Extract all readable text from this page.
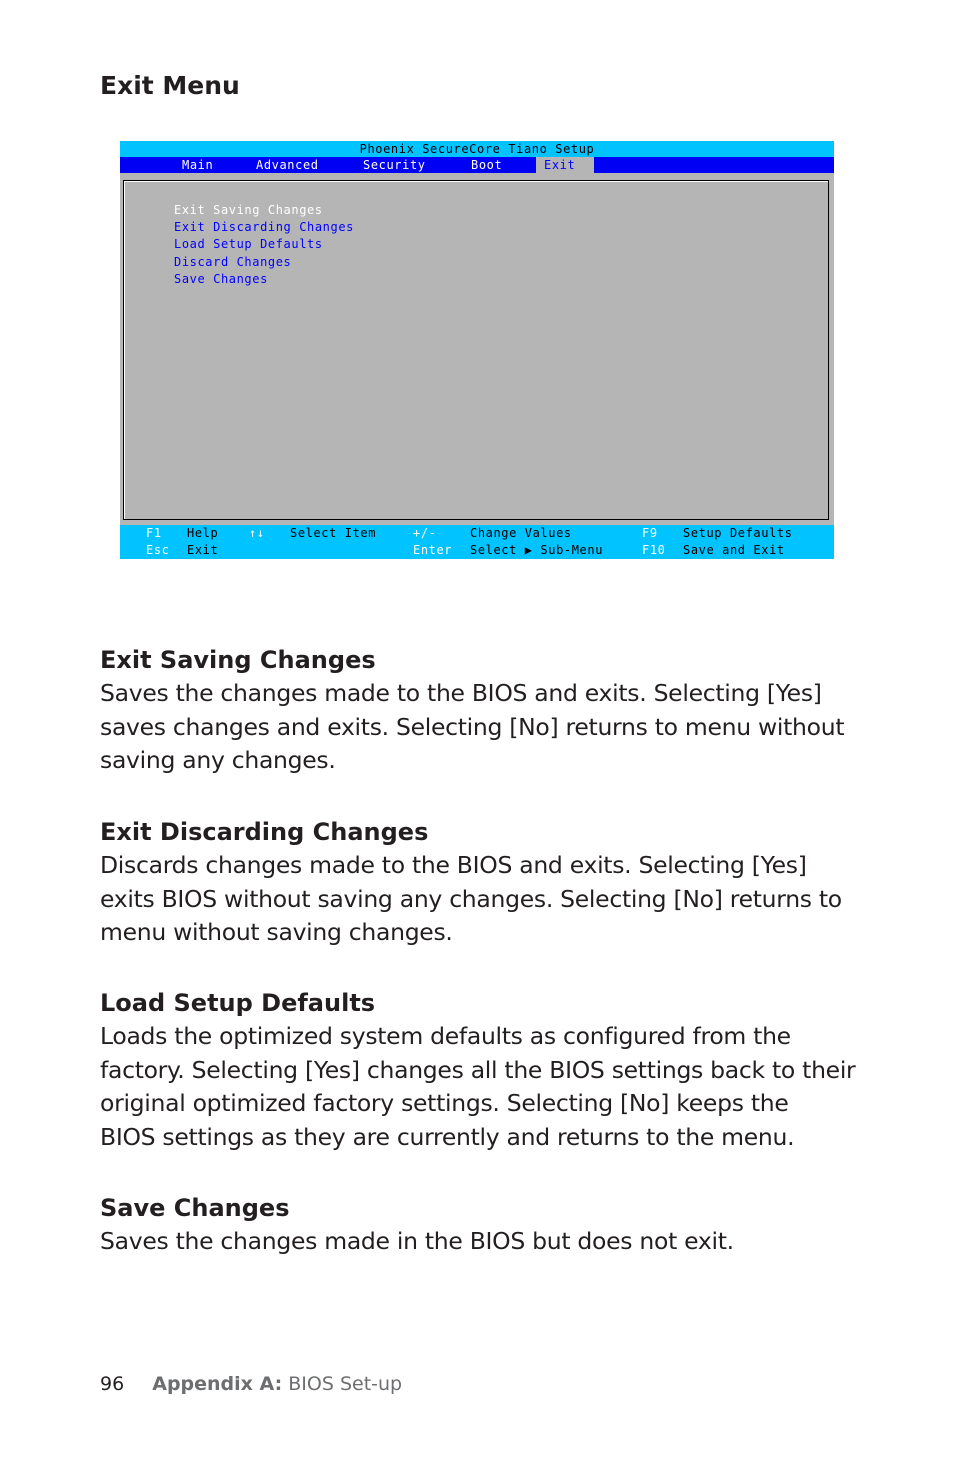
Exit Menu
Phoenix SecureCore Tiano Setup
Main	Advanced	Security	Boot	Exit
Exit Saving Changes
Exit Discarding Changes
Load Setup Defaults
Discard Changes
Save Changes
F1 Help	↑↓ Select Item	+/-	Change Values	F9 Setup Defaults
Esc Exit	Enter Select ▶ Sub-Menu	F10 Save and Exit
Exit Saving Changes

Saves the changes made to the BIOS and exits. Selecting [Yes]

saves changes and exits. Selecting [No] returns to menu without

saving any changes.

Exit Discarding Changes

Discards changes made to the BIOS and exits. Selecting [Yes]

exits BIOS without saving any changes. Selecting [No] returns to

menu without saving changes.

Load Setup Defaults

Loads the optimized system defaults as configured from the

factory. Selecting [Yes] changes all the BIOS settings back to their

original optimized factory settings. Selecting [No] keeps the

BIOS settings as they are currently and returns to the menu.

Save Changes

Saves the changes made in the BIOS but does not exit.

96 Appendix A: BIOS Set-up
